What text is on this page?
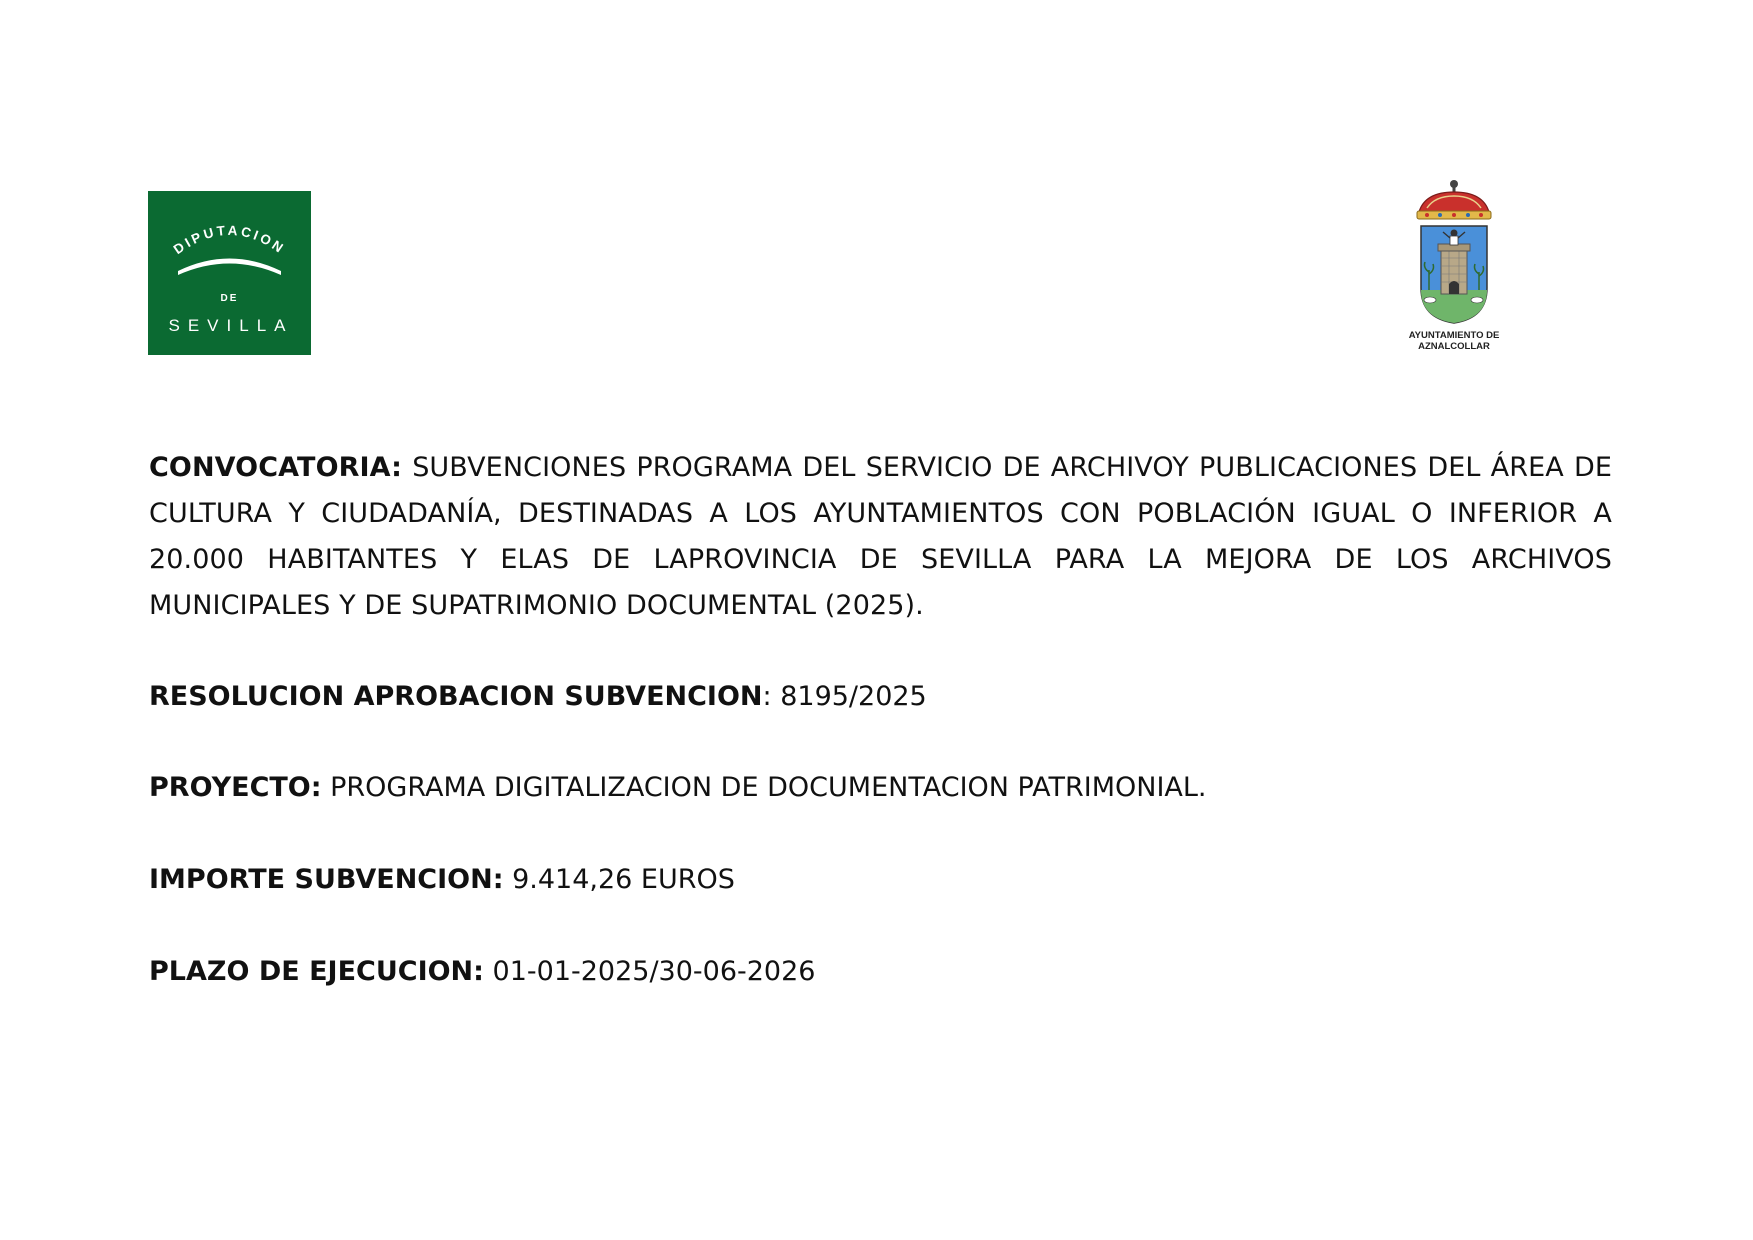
DIPUTACION
DE
SEVILLA
AYUNTAMIENTO DE
AZNALCOLLAR

CONVOCATORIA: SUBVENCIONES PROGRAMA DEL SERVICIO DE ARCHIVOY PUBLICACIONES DEL ÁREA DE CULTURA Y CIUDADANÍA, DESTINADAS A LOS AYUNTAMIENTOS CON POBLACIÓN IGUAL O INFERIOR A 20.000 HABITANTES Y ELAS DE LAPROVINCIA DE SEVILLA PARA LA MEJORA DE LOS ARCHIVOS MUNICIPALES Y DE SUPATRIMONIO DOCUMENTAL (2025).

RESOLUCION APROBACION SUBVENCION: 8195/2025

PROYECTO: PROGRAMA DIGITALIZACION DE DOCUMENTACION PATRIMONIAL.

IMPORTE SUBVENCION: 9.414,26 EUROS

PLAZO DE EJECUCION: 01-01-2025/30-06-2026
